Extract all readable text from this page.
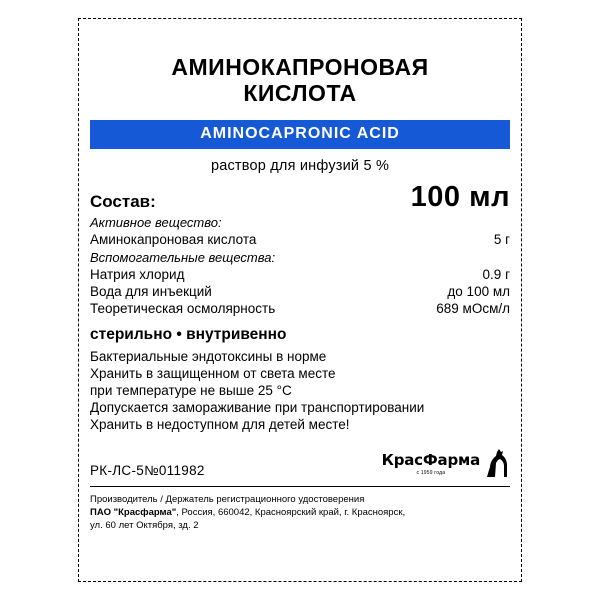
АМИНОКАПРОНОВАЯ
КИСЛОТА
AMINOCAPRONIC ACID
раствор для инфузий 5 %
Состав:	100 мл
Активное вещество:
Аминокапроновая кислота	5 г
Вспомогательные вещества:
Натрия хлорид	0.9 г
Вода для инъекций	до 100 мл
Теоретическая осмолярность	689 мОсм/л
стерильно • внутривенно
Бактериальные эндотоксины в норме
Хранить в защищенном от света месте
при температуре не выше 25 °C
Допускается замораживание при транспортировании
Хранить в недоступном для детей месте!
РК-ЛС-5№011982
КрасФарма
с 1959 года
Производитель / Держатель регистрационного удостоверения
ПАО "Красфарма", Россия, 660042, Красноярский край, г. Красноярск,
ул. 60 лет Октября, зд. 2
